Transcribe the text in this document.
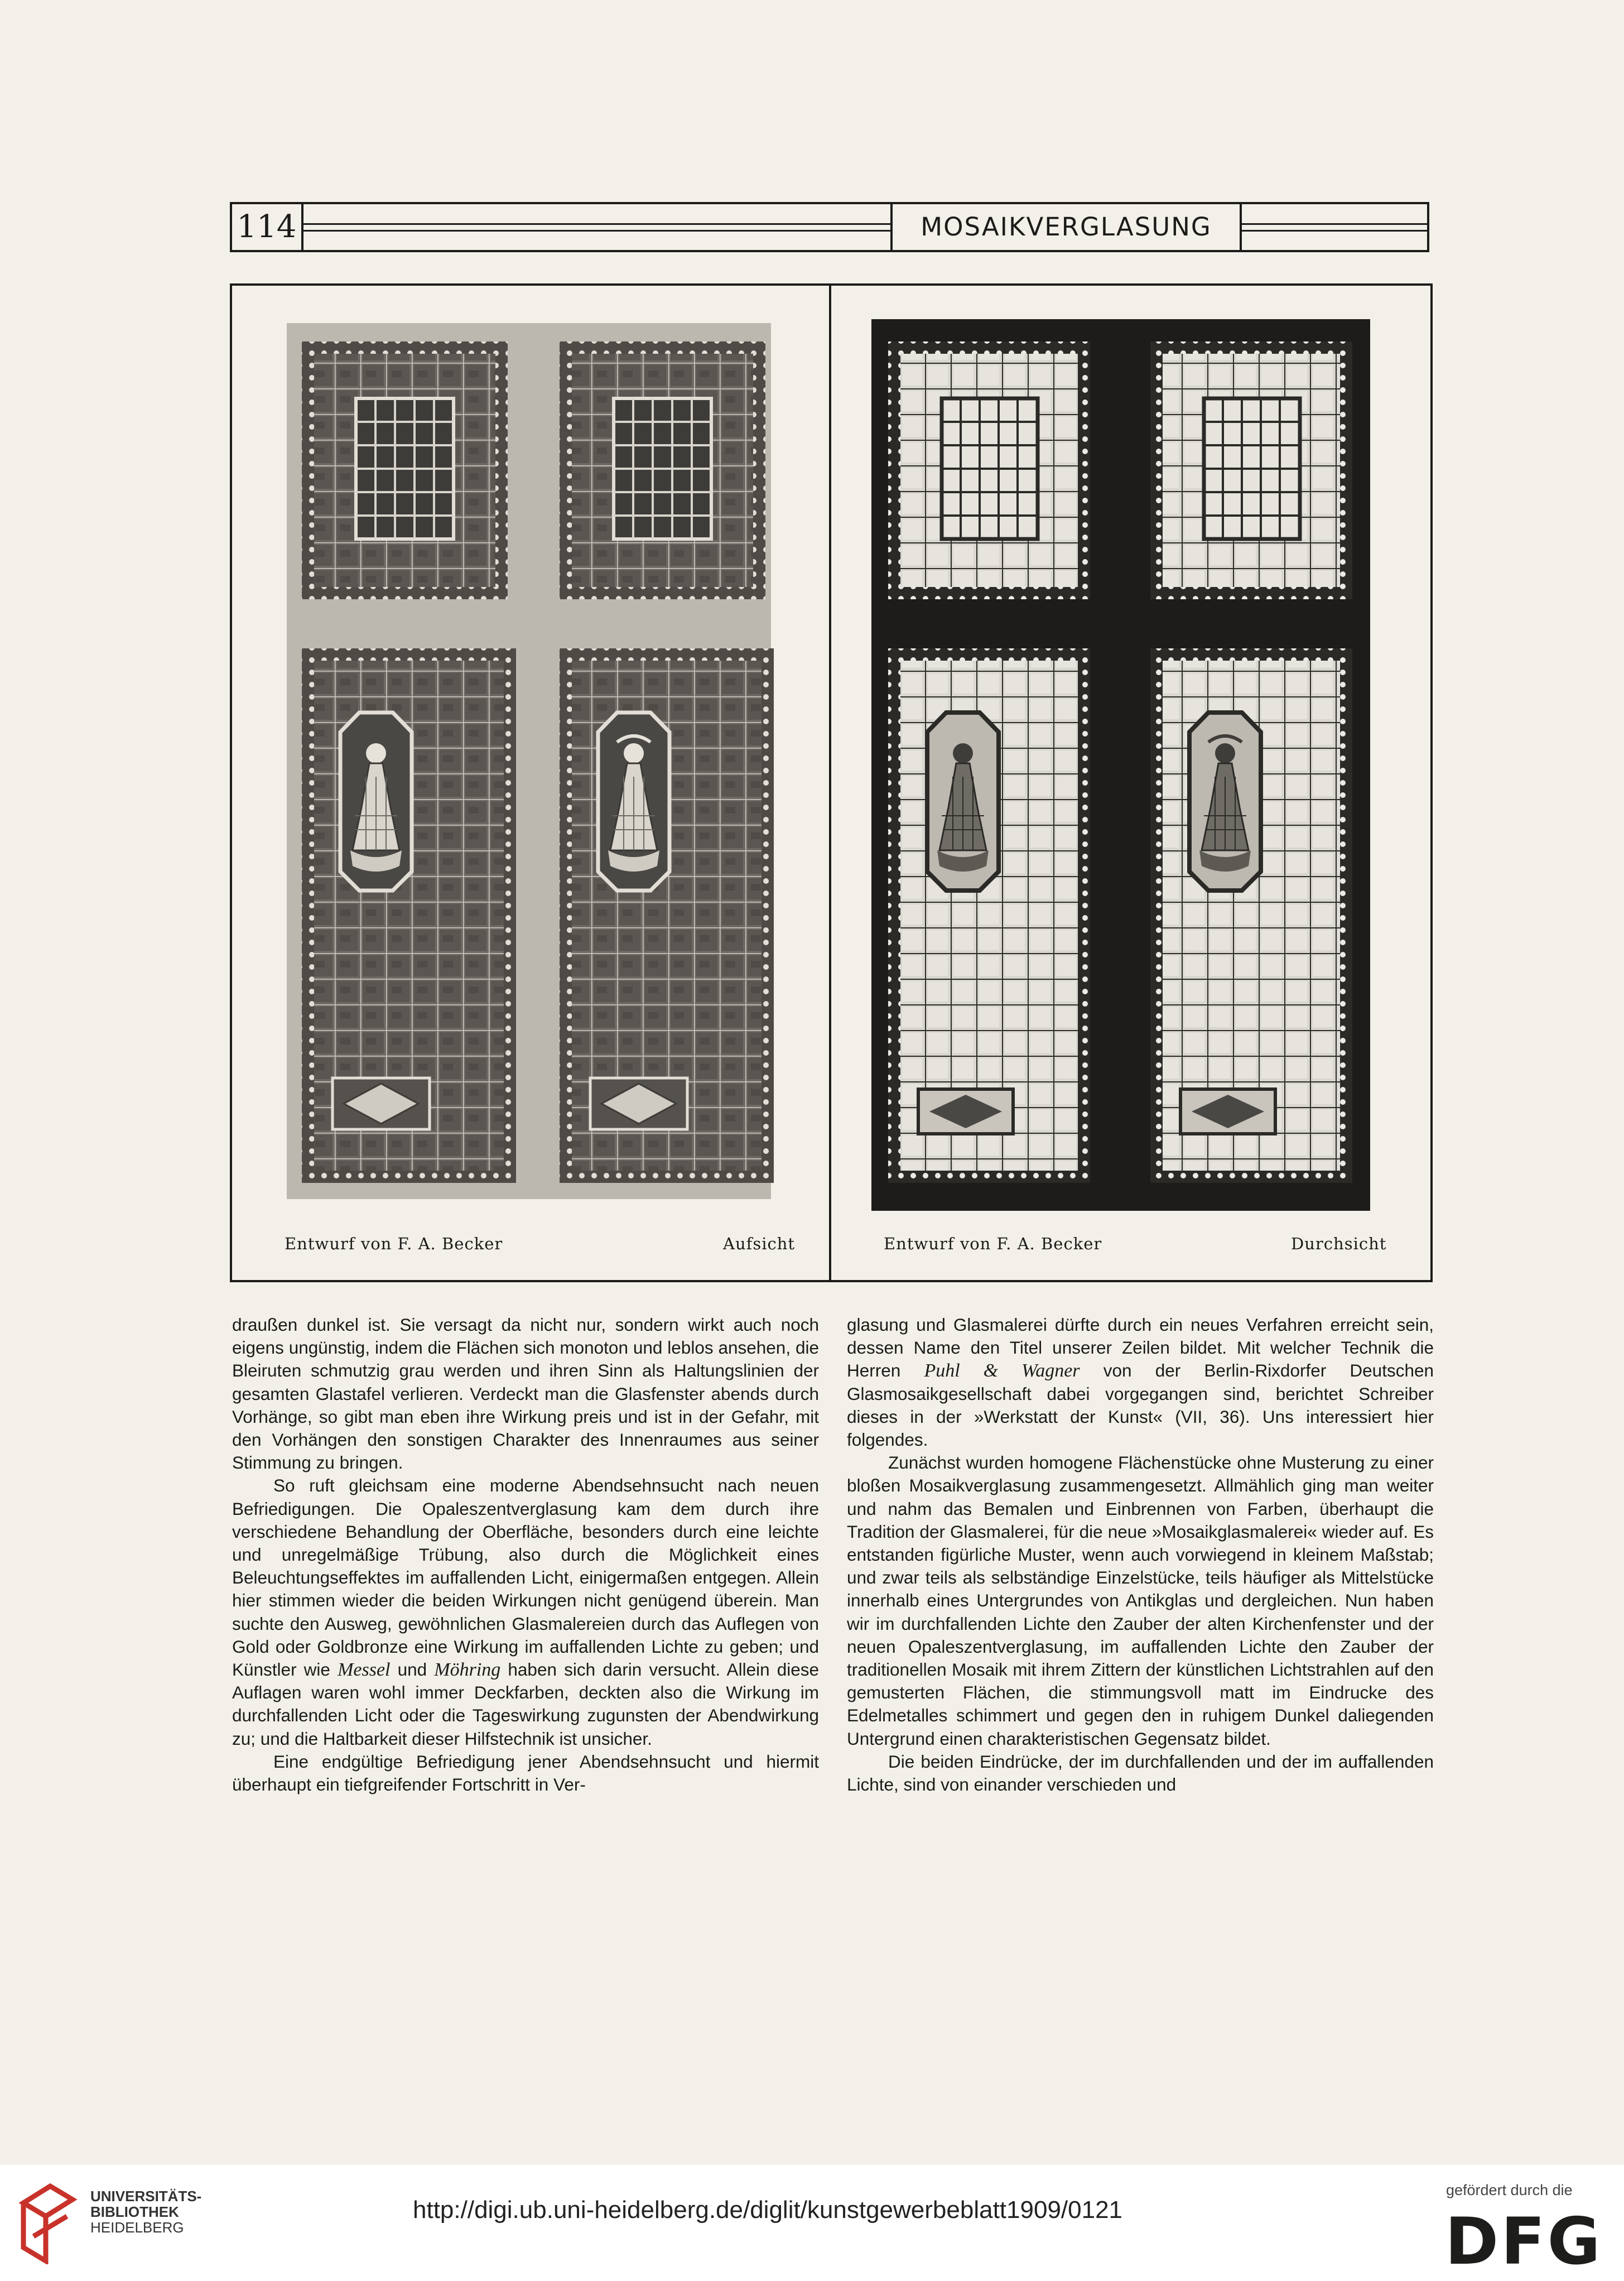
114	MOSAIKVERGLASUNG
Entwurf von F. A. Becker	Aufsicht	Entwurf von F. A. Becker	Durchsicht

draußen dunkel ist. Sie versagt da nicht nur, sondern wirkt auch noch eigens ungünstig, indem die Flächen sich monoton und leblos ansehen, die Bleiruten schmutzig grau werden und ihren Sinn als Haltungslinien der gesamten Glastafel verlieren. Verdeckt man die Glasfenster abends durch Vorhänge, so gibt man eben ihre Wirkung preis und ist in der Gefahr, mit den Vorhängen den sonstigen Charakter des Innenraumes aus seiner Stimmung zu bringen.

So ruft gleichsam eine moderne Abendsehnsucht nach neuen Befriedigungen. Die Opaleszentverglasung kam dem durch ihre verschiedene Behandlung der Oberfläche, besonders durch eine leichte und unregelmäßige Trübung, also durch die Möglichkeit eines Beleuchtungseffektes im auffallenden Licht, einigermaßen entgegen. Allein hier stimmen wieder die beiden Wirkungen nicht genügend überein. Man suchte den Ausweg, gewöhnlichen Glasmalereien durch das Auflegen von Gold oder Goldbronze eine Wirkung im auffallenden Lichte zu geben; und Künstler wie Messel und Möhring haben sich darin versucht. Allein diese Auflagen waren wohl immer Deckfarben, deckten also die Wirkung im durchfallenden Licht oder die Tageswirkung zugunsten der Abendwirkung zu; und die Haltbarkeit dieser Hilfstechnik ist unsicher.

Eine endgültige Befriedigung jener Abendsehnsucht und hiermit überhaupt ein tiefgreifender Fortschritt in Ver-

glasung und Glasmalerei dürfte durch ein neues Verfahren erreicht sein, dessen Name den Titel unserer Zeilen bildet. Mit welcher Technik die Herren Puhl & Wagner von der Berlin-Rixdorfer Deutschen Glasmosaikgesellschaft dabei vorgegangen sind, berichtet Schreiber dieses in der »Werkstatt der Kunst« (VII, 36). Uns interessiert hier folgendes.

Zunächst wurden homogene Flächenstücke ohne Musterung zu einer bloßen Mosaikverglasung zusammengesetzt. Allmählich ging man weiter und nahm das Bemalen und Einbrennen von Farben, überhaupt die Tradition der Glasmalerei, für die neue »Mosaikglasmalerei« wieder auf. Es entstanden figürliche Muster, wenn auch vorwiegend in kleinem Maßstab; und zwar teils als selbständige Einzelstücke, teils häufiger als Mittelstücke innerhalb eines Untergrundes von Antikglas und dergleichen. Nun haben wir im durchfallenden Lichte den Zauber der alten Kirchenfenster und der neuen Opaleszentverglasung, im auffallenden Lichte den Zauber der traditionellen Mosaik mit ihrem Zittern der künstlichen Lichtstrahlen auf den gemusterten Flächen, die stimmungsvoll matt im Eindrucke des Edelmetalles schimmert und gegen den in ruhigem Dunkel daliegenden Untergrund einen charakteristischen Gegensatz bildet.

Die beiden Eindrücke, der im durchfallenden und der im auffallenden Lichte, sind von einander verschieden und

UNIVERSITÄTS-
BIBLIOTHEK
HEIDELBERG
http://digi.ub.uni-heidelberg.de/diglit/kunstgewerbeblatt1909/0121
gefördert durch die
DFG
